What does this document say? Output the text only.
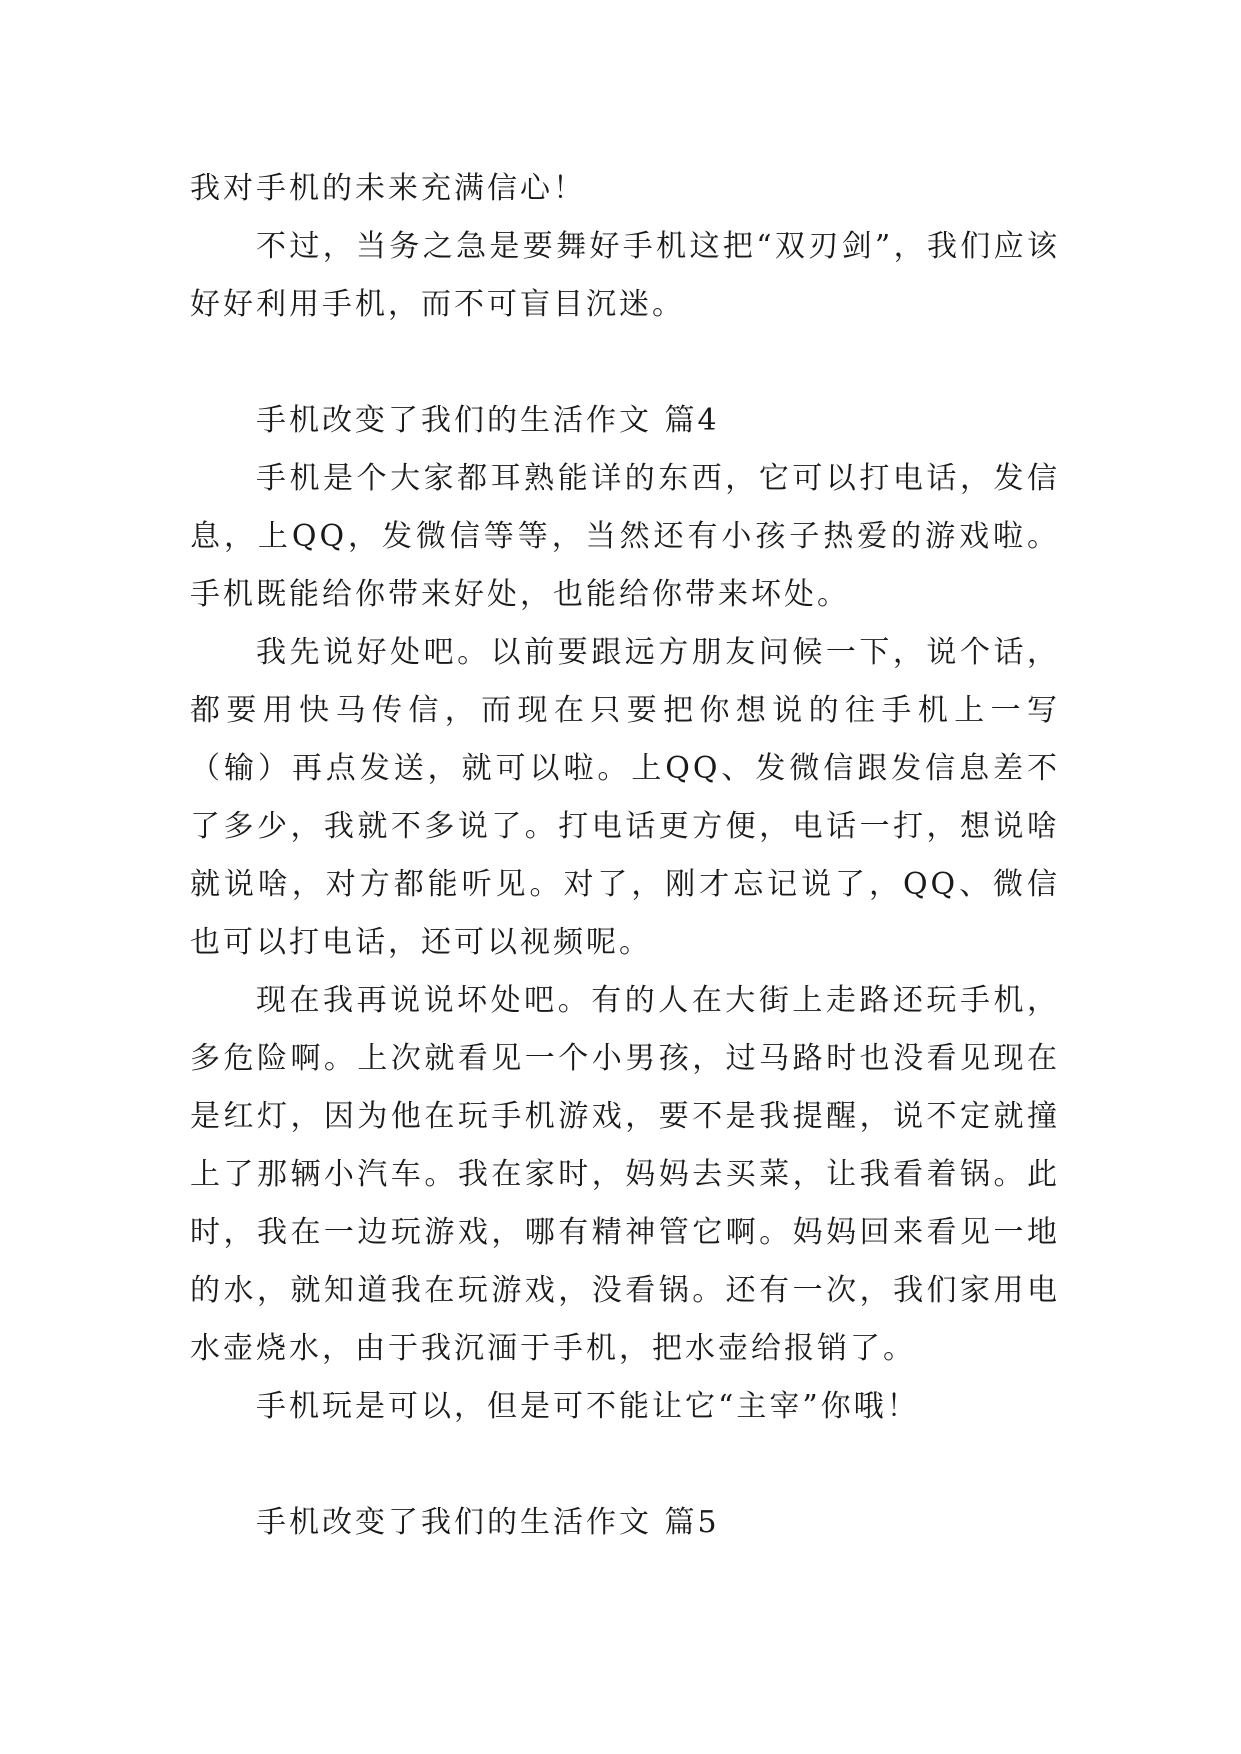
我对手机的未来充满信心！

不过，当务之急是要舞好手机这把“双刃剑”，我们应该好好利用手机，而不可盲目沉迷。

手机改变了我们的生活作文 篇4

手机是个大家都耳熟能详的东西，它可以打电话，发信息，上QQ，发微信等等，当然还有小孩子热爱的游戏啦。手机既能给你带来好处，也能给你带来坏处。

我先说好处吧。以前要跟远方朋友问候一下，说个话，都要用快马传信，而现在只要把你想说的往手机上一写（输）再点发送，就可以啦。上QQ、发微信跟发信息差不了多少，我就不多说了。打电话更方便，电话一打，想说啥就说啥，对方都能听见。对了，刚才忘记说了，QQ、微信也可以打电话，还可以视频呢。

现在我再说说坏处吧。有的人在大街上走路还玩手机，多危险啊。上次就看见一个小男孩，过马路时也没看见现在是红灯，因为他在玩手机游戏，要不是我提醒，说不定就撞上了那辆小汽车。我在家时，妈妈去买菜，让我看着锅。此时，我在一边玩游戏，哪有精神管它啊。妈妈回来看见一地的水，就知道我在玩游戏，没看锅。还有一次，我们家用电水壶烧水，由于我沉湎于手机，把水壶给报销了。

手机玩是可以，但是可不能让它“主宰”你哦！

手机改变了我们的生活作文 篇5
